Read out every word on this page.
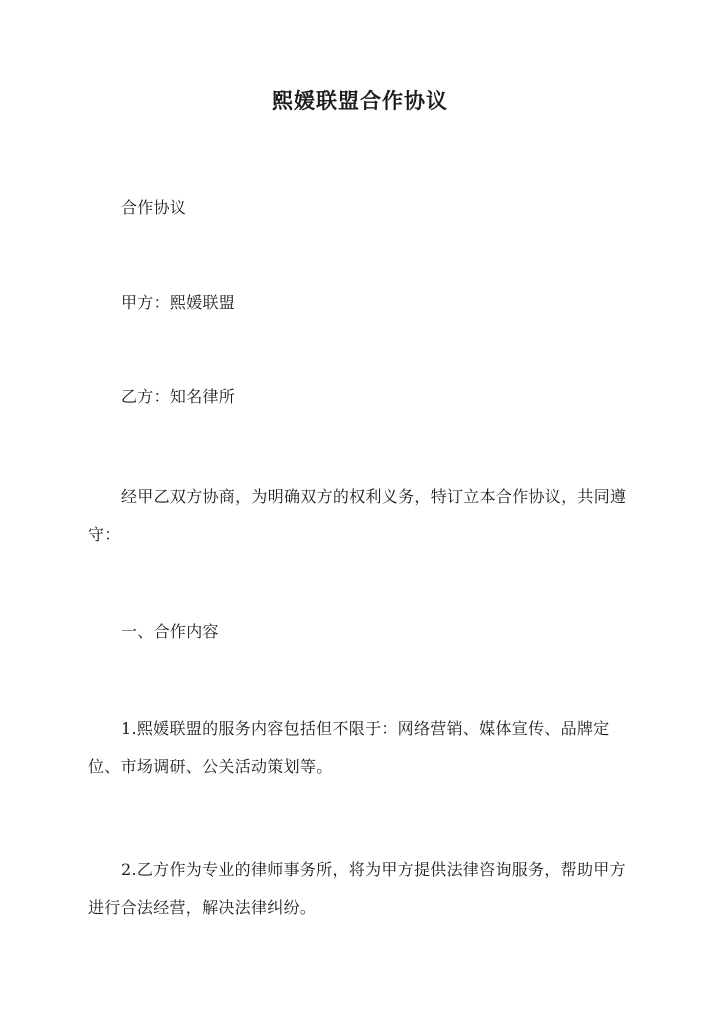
熙媛联盟合作协议

合作协议

甲方：熙媛联盟

乙方：知名律所

经甲乙双方协商，为明确双方的权利义务，特订立本合作协议，共同遵守：

一、合作内容

1.熙媛联盟的服务内容包括但不限于：网络营销、媒体宣传、品牌定位、市场调研、公关活动策划等。

2.乙方作为专业的律师事务所，将为甲方提供法律咨询服务，帮助甲方进行合法经营，解决法律纠纷。
